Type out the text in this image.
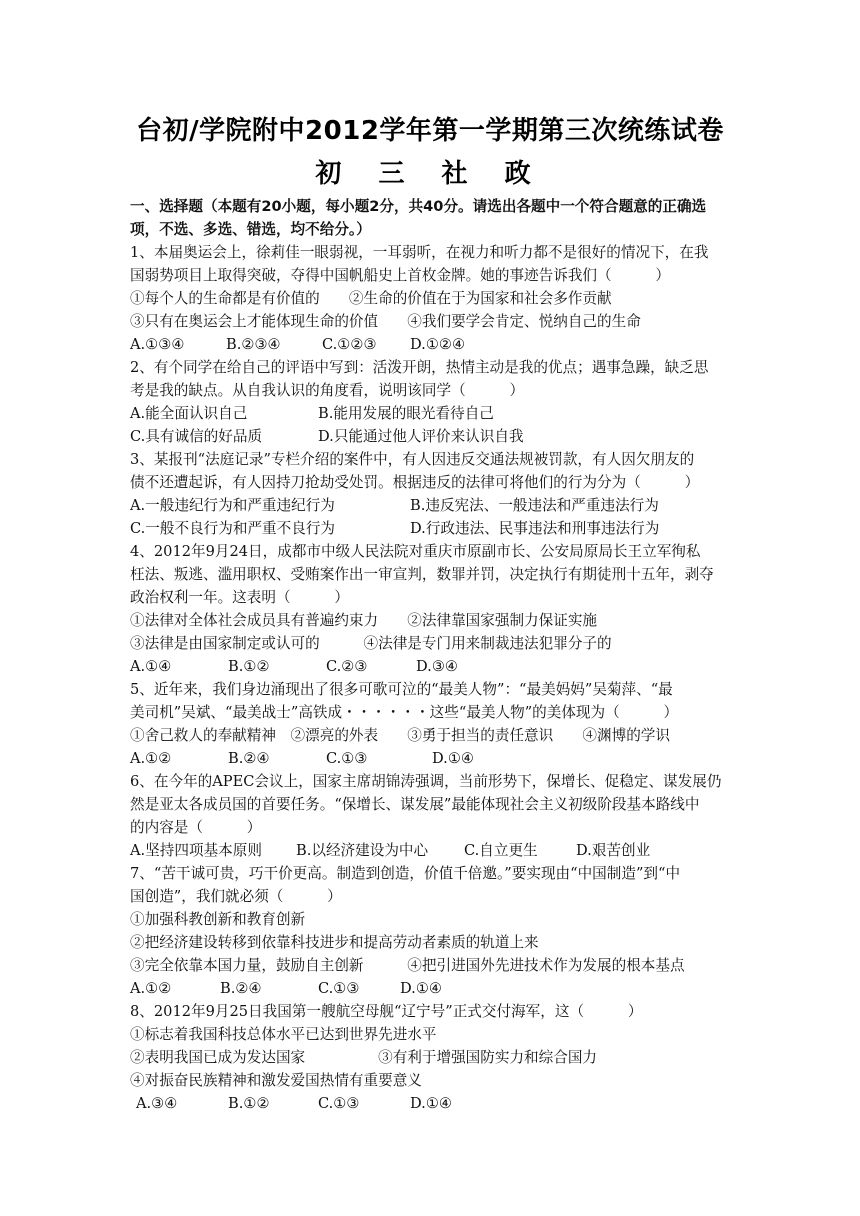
台初/学院附中2012学年第一学期第三次统练试卷
初 三 社 政
一、选择题（本题有20小题，每小题2分，共40分。请选出各题中一个符合题意的正确选
项，不选、多选、错选，均不给分。）
1、本届奥运会上，徐莉佳一眼弱视，一耳弱听，在视力和听力都不是很好的情况下，在我
国弱势项目上取得突破，夺得中国帆船史上首枚金牌。她的事迹告诉我们（　　　）
①每个人的生命都是有价值的　　②生命的价值在于为国家和社会多作贡献
③只有在奥运会上才能体现生命的价值　　④我们要学会肯定、悦纳自己的生命
A.①③④	B.②③④	C.①②③ D.①②④
2、有个同学在给自己的评语中写到：活泼开朗，热情主动是我的优点；遇事急躁，缺乏思
考是我的缺点。从自我认识的角度看，说明该同学（　　　）
A.能全面认识自己	B.能用发展的眼光看待自己
C.具有诚信的好品质	D.只能通过他人评价来认识自我
3、某报刊“法庭记录”专栏介绍的案件中，有人因违反交通法规被罚款，有人因欠朋友的
债不还遭起诉，有人因持刀抢劫受处罚。根据违反的法律可将他们的行为分为（　　　）
A.一般违纪行为和严重违纪行为	B.违反宪法、一般违法和严重违法行为
C.一般不良行为和严重不良行为	D.行政违法、民事违法和刑事违法行为
4、2012年9月24日，成都市中级人民法院对重庆市原副市长、公安局原局长王立军徇私
枉法、叛逃、滥用职权、受贿案作出一审宣判，数罪并罚，决定执行有期徒刑十五年，剥夺
政治权利一年。这表明（　　　）
①法律对全体社会成员具有普遍约束力　　②法律靠国家强制力保证实施
③法律是由国家制定或认可的　　　④法律是专门用来制裁违法犯罪分子的
A.①④	B.①②	C.②③	D.③④
5、近年来，我们身边涌现出了很多可歌可泣的“最美人物”：“最美妈妈”吴菊萍、“最
美司机”吴斌、“最美战士”高铁成・・・・・・这些“最美人物”的美体现为（　　　）
①舍己救人的奉献精神　②漂亮的外表　　③勇于担当的责任意识　　④渊博的学识
A.①②	B.②④	C.①③	D.①④
6、在今年的APEC会议上，国家主席胡锦涛强调，当前形势下，保增长、促稳定、谋发展仍
然是亚太各成员国的首要任务。“保增长、谋发展”最能体现社会主义初级阶段基本路线中
的内容是（　　　）
A.坚持四项基本原则 B.以经济建设为中心 C.自立更生	D.艰苦创业
7、“苦干诚可贵，巧干价更高。制造到创造，价值千倍邀。”要实现由“中国制造”到“中
国创造”，我们就必须（　　　）
①加强科教创新和教育创新
②把经济建设转移到依靠科技进步和提高劳动者素质的轨道上来
③完全依靠本国力量，鼓励自主创新　　　④把引进国外先进技术作为发展的根本基点
A.①②	B.②④	C.①③	D.①④
8、2012年9月25日我国第一艘航空母舰“辽宁号”正式交付海军，这（　　　）
①标志着我国科技总体水平已达到世界先进水平
②表明我国已成为发达国家　　　　　③有利于增强国防实力和综合国力
④对振奋民族精神和激发爱国热情有重要意义
A.③④	B.①②	C.①③	D.①④
